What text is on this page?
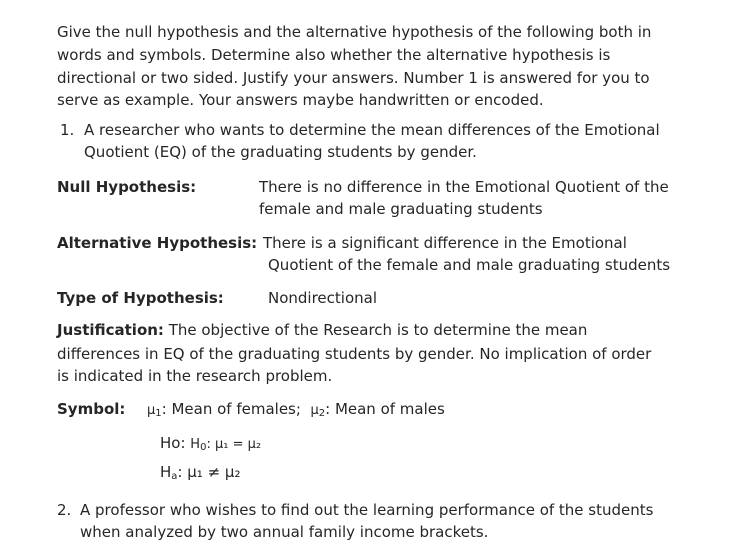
Give the null hypothesis and the alternative hypothesis of the following both in
words and symbols. Determine also whether the alternative hypothesis is
directional or two sided. Justify your answers. Number 1 is answered for you to
serve as example. Your answers maybe handwritten or encoded.
1. A researcher who wants to determine the mean differences of the Emotional
Quotient (EQ) of the graduating students by gender.
Null Hypothesis:	There is no difference in the Emotional Quotient of the
female and male graduating students
Alternative Hypothesis: There is a significant difference in the Emotional
Quotient of the female and male graduating students
Type of Hypothesis:	Nondirectional
Justification: The objective of the Research is to determine the mean
differences in EQ of the graduating students by gender. No implication of order
is indicated in the research problem.
Symbol: $\mu_1$: Mean of females; $\mu_2$: Mean of males
Ho: $H_0$: μ₁ = μ₂
$H_a$: μ₁ ≠ μ₂
2. A professor who wishes to find out the learning performance of the students
when analyzed by two annual family income brackets.
